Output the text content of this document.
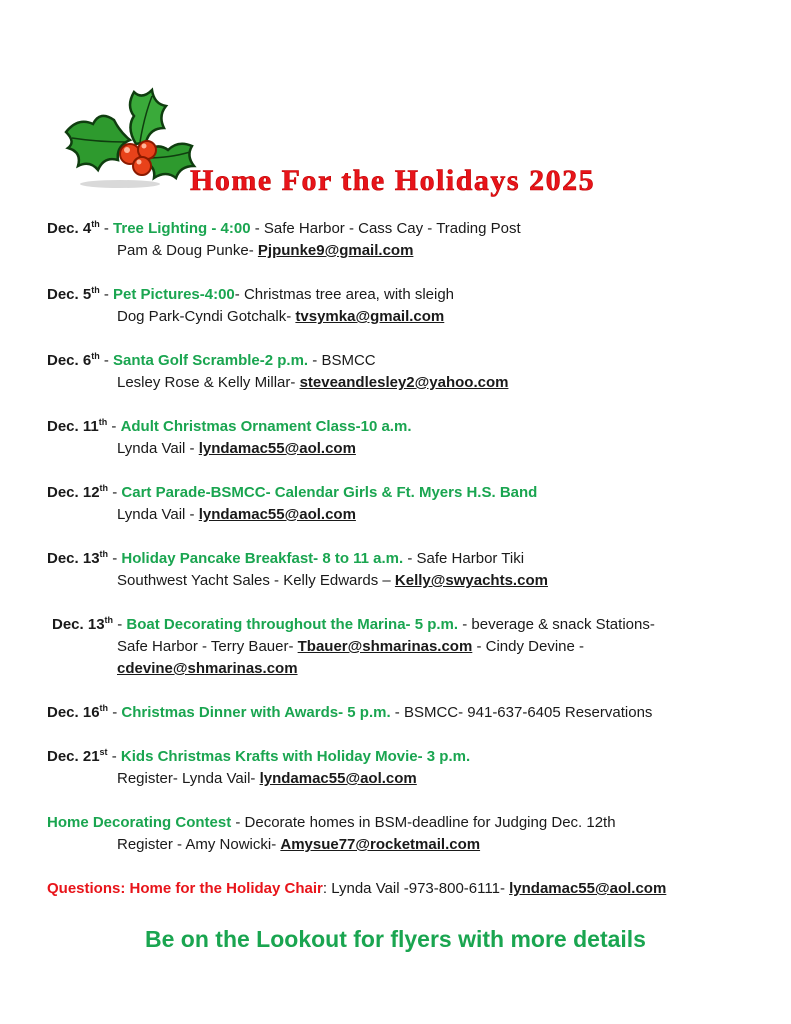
Home For the Holidays 2025
Dec. 4th - Tree Lighting - 4:00 - Safe Harbor - Cass Cay - Trading Post
Pam & Doug Punke- Pjpunke9@gmail.com
Dec. 5th - Pet Pictures-4:00- Christmas tree area, with sleigh
Dog Park-Cyndi Gotchalk- tvsymka@gmail.com
Dec. 6th - Santa Golf Scramble-2 p.m. - BSMCC
Lesley Rose & Kelly Millar- steveandlesley2@yahoo.com
Dec. 11th - Adult Christmas Ornament Class-10 a.m.
Lynda Vail - lyndamac55@aol.com
Dec. 12th - Cart Parade-BSMCC- Calendar Girls & Ft. Myers H.S. Band
Lynda Vail - lyndamac55@aol.com
Dec. 13th - Holiday Pancake Breakfast- 8 to 11 a.m. - Safe Harbor Tiki
Southwest Yacht Sales - Kelly Edwards – Kelly@swyachts.com
Dec. 13th - Boat Decorating throughout the Marina- 5 p.m. - beverage & snack Stations-
Safe Harbor - Terry Bauer- Tbauer@shmarinas.com - Cindy Devine -
cdevine@shmarinas.com
Dec. 16th - Christmas Dinner with Awards- 5 p.m. - BSMCC- 941-637-6405 Reservations
Dec. 21st - Kids Christmas Krafts with Holiday Movie- 3 p.m.
Register- Lynda Vail- lyndamac55@aol.com
Home Decorating Contest - Decorate homes in BSM-deadline for Judging Dec. 12th
Register - Amy Nowicki- Amysue77@rocketmail.com
Questions: Home for the Holiday Chair: Lynda Vail -973-800-6111- lyndamac55@aol.com
Be on the Lookout for flyers with more details
